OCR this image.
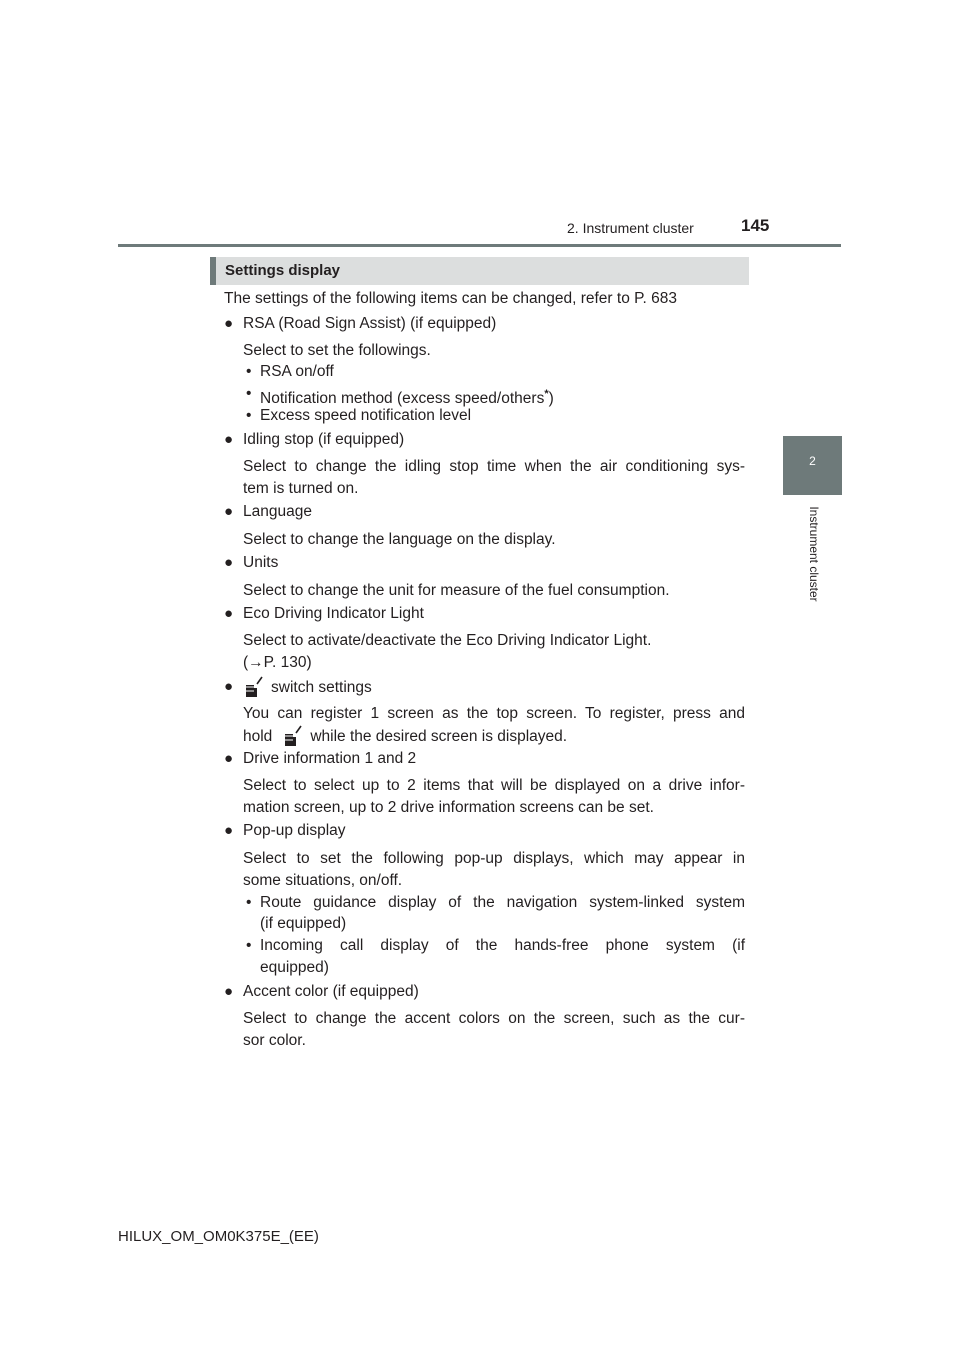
2. Instrument cluster	145
2
Instrument cluster
Settings display
The settings of the following items can be changed, refer to P. 683
● RSA (Road Sign Assist) (if equipped)
Select to set the followings.
• RSA on/off
• Notification method (excess speed/others*)
• Excess speed notification level
● Idling stop (if equipped)
Select to change the idling stop time when the air conditioning sys-
tem is turned on.
● Language
Select to change the language on the display.
● Units
Select to change the unit for measure of the fuel consumption.
● Eco Driving Indicator Light
Select to activate/deactivate the Eco Driving Indicator Light.
(→P. 130)
●	switch settings
You can register 1 screen as the top screen. To register, press and
hold while the desired screen is displayed.
● Drive information 1 and 2
Select to select up to 2 items that will be displayed on a drive infor-
mation screen, up to 2 drive information screens can be set.
● Pop-up display
Select to set the following pop-up displays, which may appear in
some situations, on/off.
• Route guidance display of the navigation system-linked system
(if equipped)
• Incoming call display of the hands-free phone system (if
equipped)
● Accent color (if equipped)
Select to change the accent colors on the screen, such as the cur-
sor color.
HILUX_OM_OM0K375E_(EE)
